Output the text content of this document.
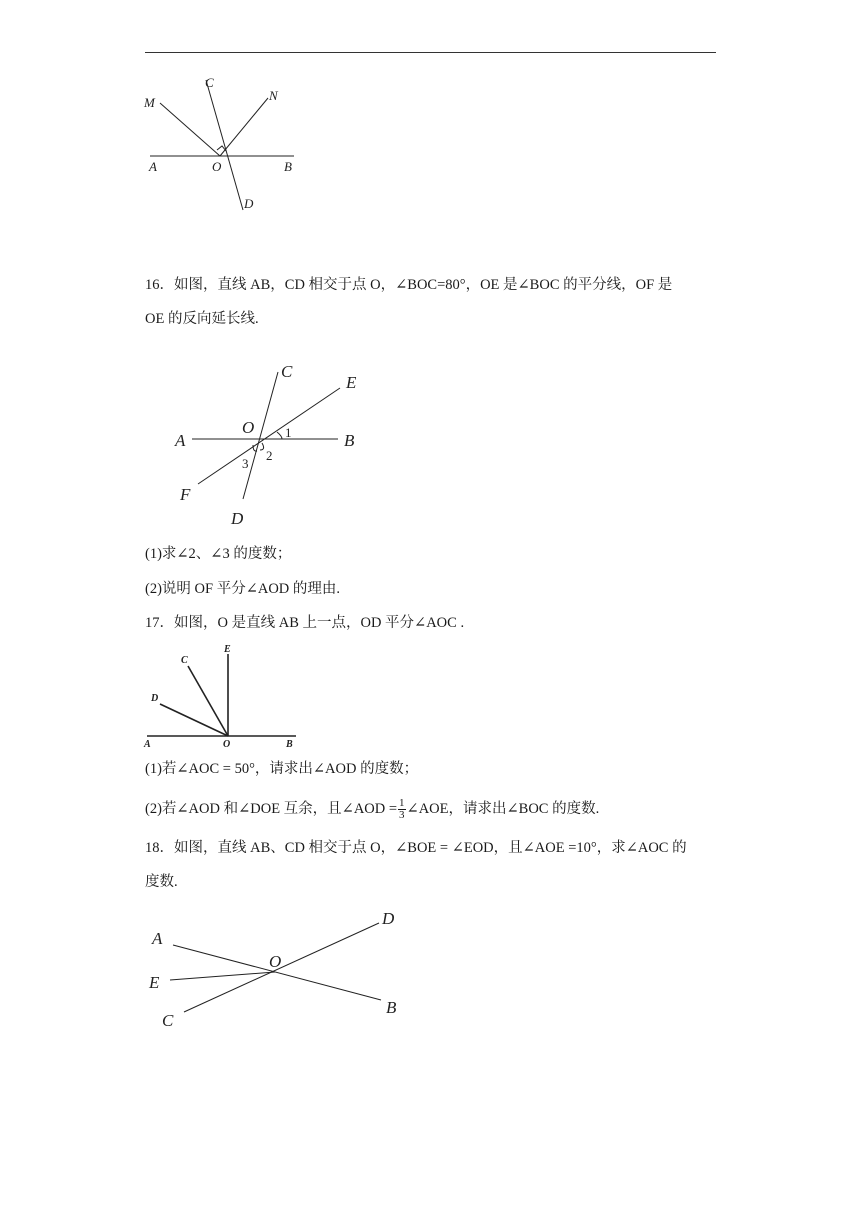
M
C
N
A	O	B
D
16．如图，直线 AB，CD 相交于点 O，∠BOC=80°，OE 是∠BOC 的平分线，OF 是
OE 的反向延长线.
C
E
A
O
B
F
D
1
3
2
(1)求∠2、∠3 的度数；
(2)说明 OF 平分∠AOD 的理由.
17．如图，O 是直线 AB 上一点，OD 平分∠AOC .
E
C
D
A	O	B
(1)若∠AOC = 50°，请求出∠AOD 的度数；
(2)若∠AOD 和∠DOE 互余，且∠AOD = $\frac{1}{3}$ ∠AOE，请求出∠BOC 的度数.
18．如图，直线 AB、CD 相交于点 O，∠BOE = ∠EOD，且∠AOE =10°，求∠AOC 的
度数.
D
A
O
E
C
B
